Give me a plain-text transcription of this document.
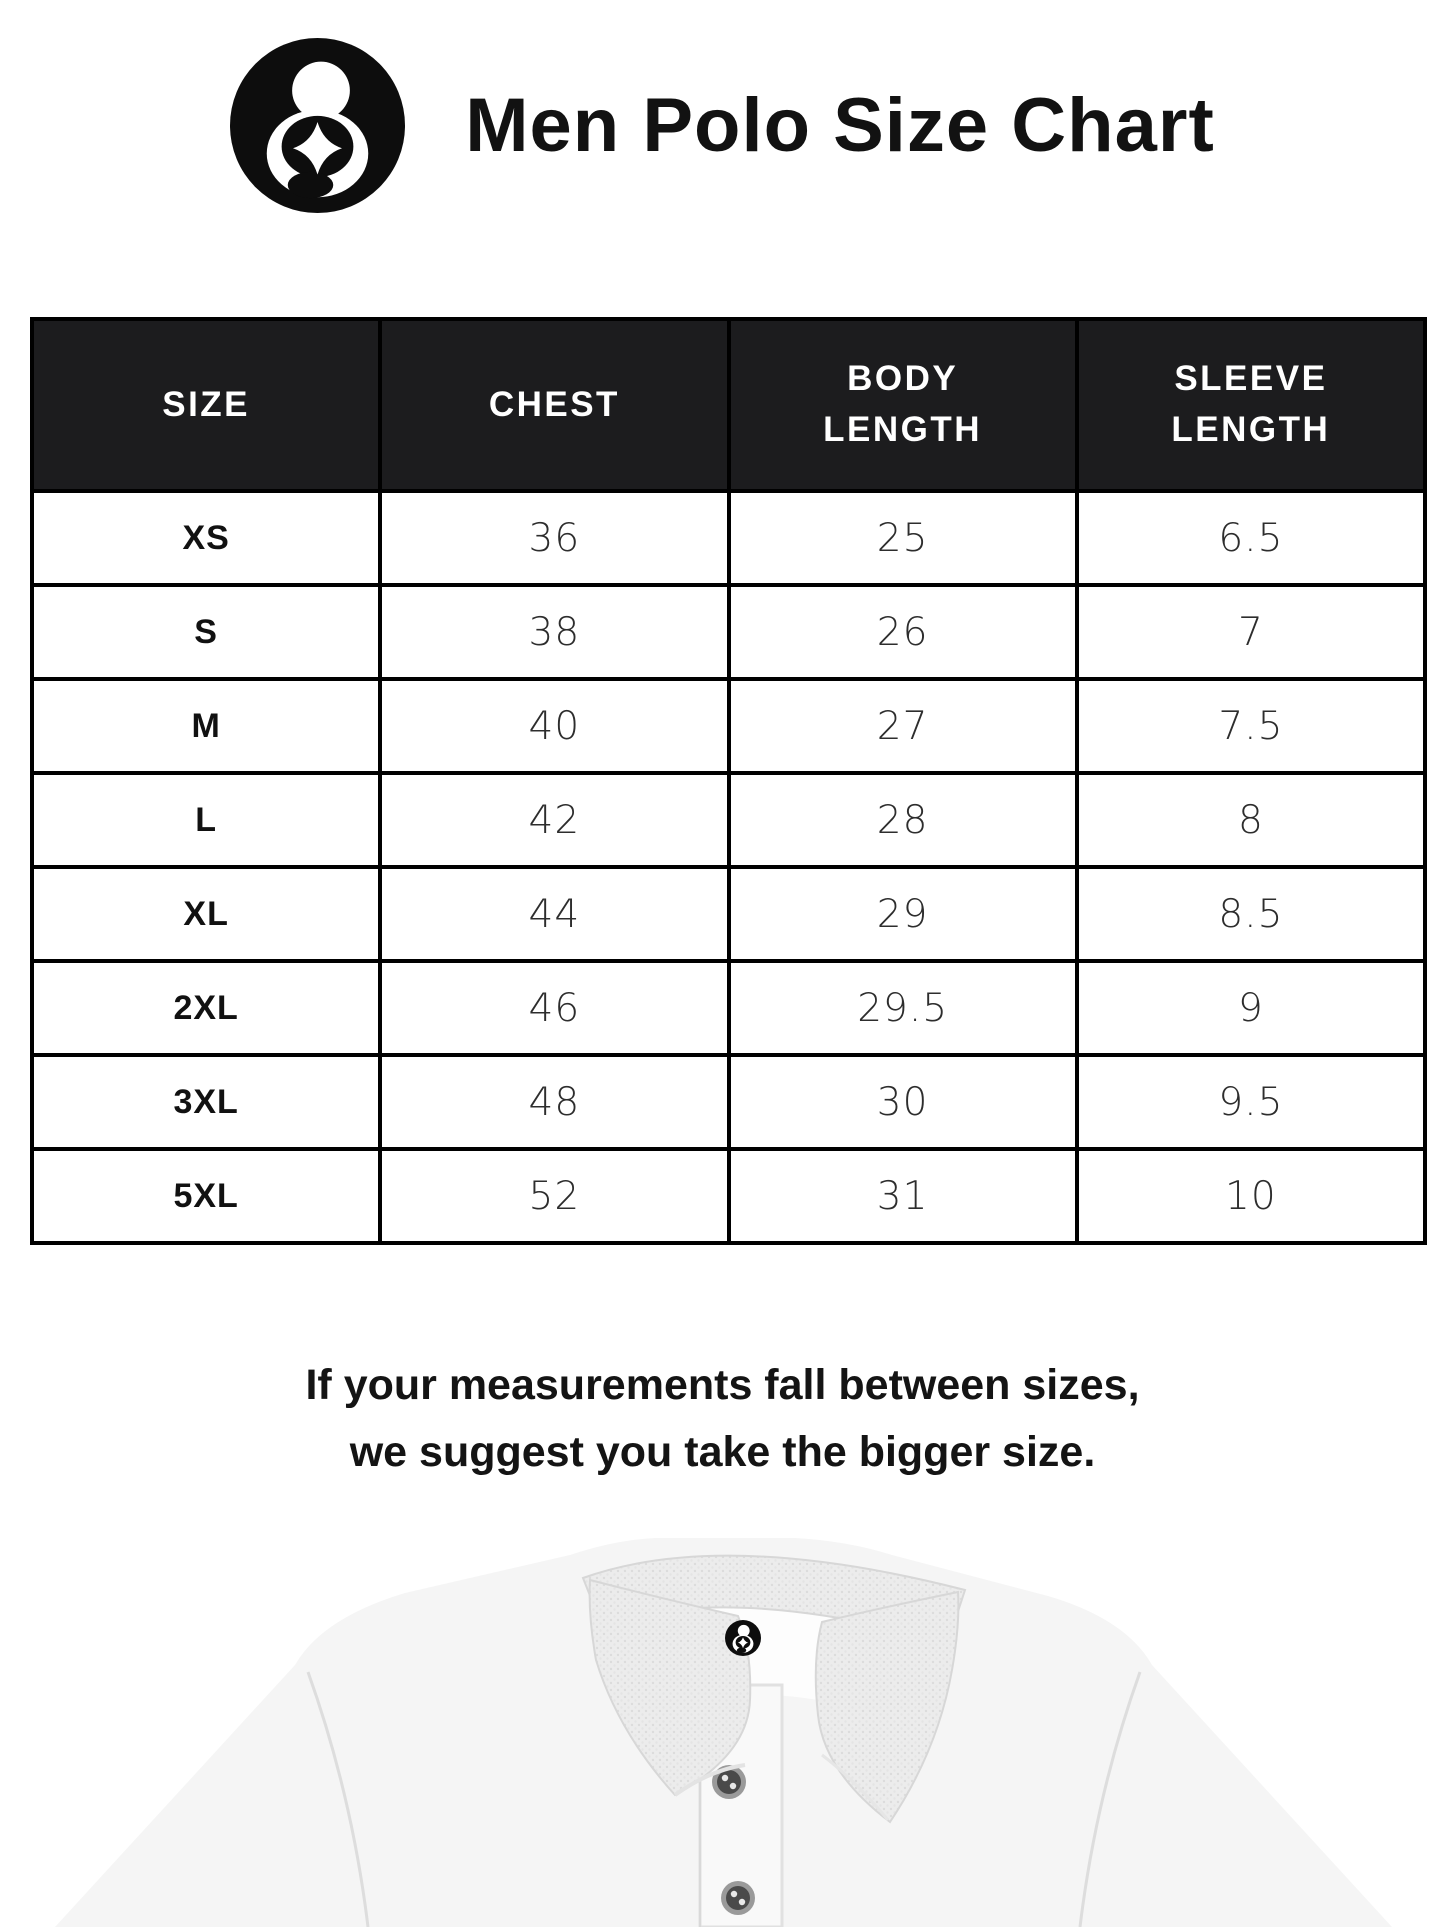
Men Polo Size Chart
SIZE	CHEST	BODY LENGTH	SLEEVE LENGTH
XS	36	25	6.5
S	38	26	7
M	40	27	7.5
L	42	28	8
XL	44	29	8.5
2XL	46	29.5	9
3XL	48	30	9.5
5XL	52	31	10
If your measurements fall between sizes,
we suggest you take the bigger size.
